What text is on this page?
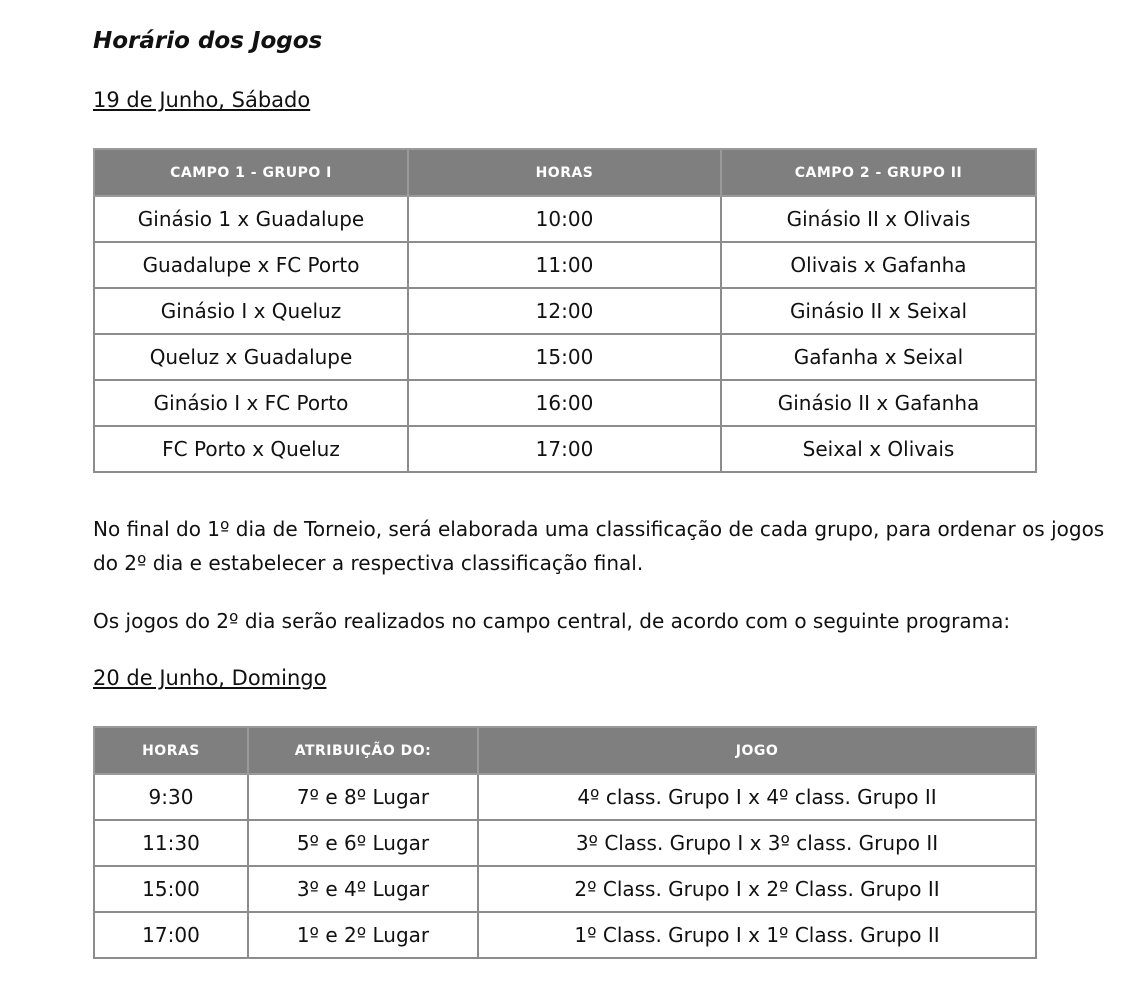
Horário dos Jogos

19 de Junho, Sábado

CAMPO 1 - GRUPO I	HORAS	CAMPO 2 - GRUPO II
Ginásio 1 x Guadalupe	10:00	Ginásio II x Olivais
Guadalupe x FC Porto	11:00	Olivais x Gafanha
Ginásio I x Queluz	12:00	Ginásio II x Seixal
Queluz x Guadalupe	15:00	Gafanha x Seixal
Ginásio I x FC Porto	16:00	Ginásio II x Gafanha
FC Porto x Queluz	17:00	Seixal x Olivais

No final do 1º dia de Torneio, será elaborada uma classificação de cada grupo, para ordenar os jogos do 2º dia e estabelecer a respectiva classificação final.

Os jogos do 2º dia serão realizados no campo central, de acordo com o seguinte programa:

20 de Junho, Domingo

HORAS	ATRIBUIÇÃO DO:	JOGO
9:30	7º e 8º Lugar	4º class. Grupo I x 4º class. Grupo II
11:30	5º e 6º Lugar	3º Class. Grupo I x 3º class. Grupo II
15:00	3º e 4º Lugar	2º Class. Grupo I x 2º Class. Grupo II
17:00	1º e 2º Lugar	1º Class. Grupo I x 1º Class. Grupo II
